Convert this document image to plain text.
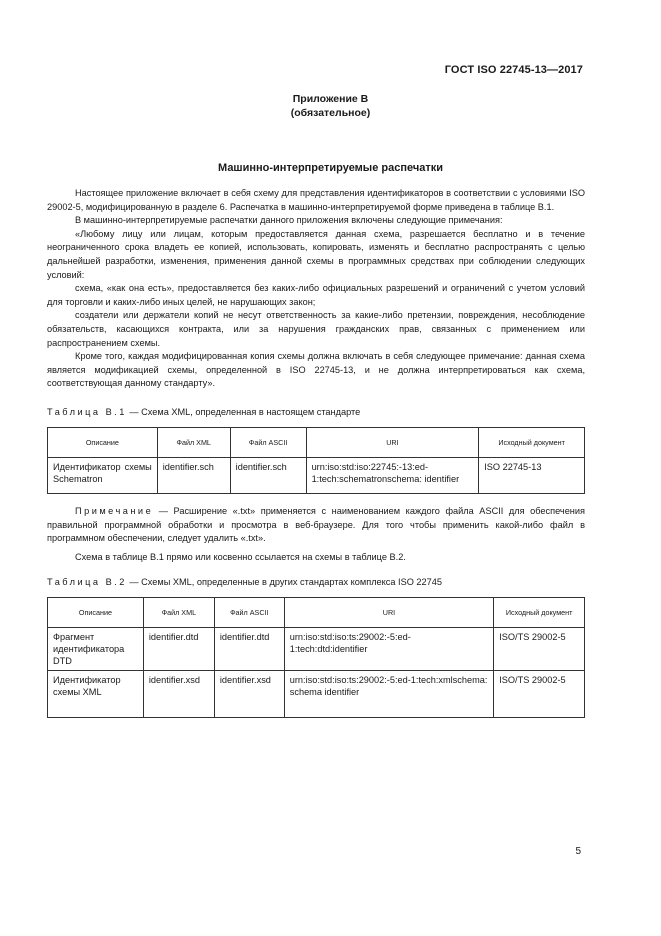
ГОСТ ISO 22745-13—2017
Приложение В
(обязательное)
Машинно-интерпретируемые распечатки

Настоящее приложение включает в себя схему для представления идентификаторов в соответствии с условиями ISO 29002-5, модифицированную в разделе 6. Распечатка в машинно-интерпретируемой форме приведена в таблице В.1.

В машинно-интерпретируемые распечатки данного приложения включены следующие примечания:

«Любому лицу или лицам, которым предоставляется данная схема, разрешается бесплатно и в течение неограниченного срока владеть ее копией, использовать, копировать, изменять и бесплатно распространять с целью дальнейшей разработки, изменения, применения данной схемы в программных средствах при соблюдении следующих условий:

схема, «как она есть», предоставляется без каких-либо официальных разрешений и ограничений с учетом условий для торговли и каких-либо иных целей, не нарушающих закон;

создатели или держатели копий не несут ответственность за какие-либо претензии, повреждения, несоблюдение обязательств, касающихся контракта, или за нарушения гражданских прав, связанных с применением или распространением схемы.

Кроме того, каждая модифицированная копия схемы должна включать в себя следующее примечание: данная схема является модификацией схемы, определенной в ISO 22745-13, и не должна интерпретироваться как схема, соответствующая данному стандарту».

Таблица В.1 — Схема XML, определенная в настоящем стандарте
Описание	Файл XML	Файл ASCII	URI	Исходный документ
Идентификатор схемы Schematron	identifier.sch	identifier.sch	urn:iso:std:iso:22745:-13:ed-1:tech:schematronschema: identifier	ISO 22745-13

Примечание — Расширение «.txt» применяется с наименованием каждого файла ASCII для обеспечения правильной программной обработки и просмотра в веб-браузере. Для того чтобы применить какой-либо файл в программном обеспечении, следует удалить «.txt».

Схема в таблице В.1 прямо или косвенно ссылается на схемы в таблице В.2.
Таблица В.2 — Схемы XML, определенные в других стандартах комплекса ISO 22745
Описание	Файл XML	Файл ASCII	URI	Исходный документ
Фрагмент идентификатора DTD	identifier.dtd	identifier.dtd	urn:iso:std:iso:ts:29002:-5:ed-1:tech:dtd:identifier	ISO/TS 29002-5
Идентификатор схемы XML	identifier.xsd	identifier.xsd	urn:iso:std:iso:ts:29002:-5:ed-1:tech:xmlschema: schema identifier	ISO/TS 29002-5
5
